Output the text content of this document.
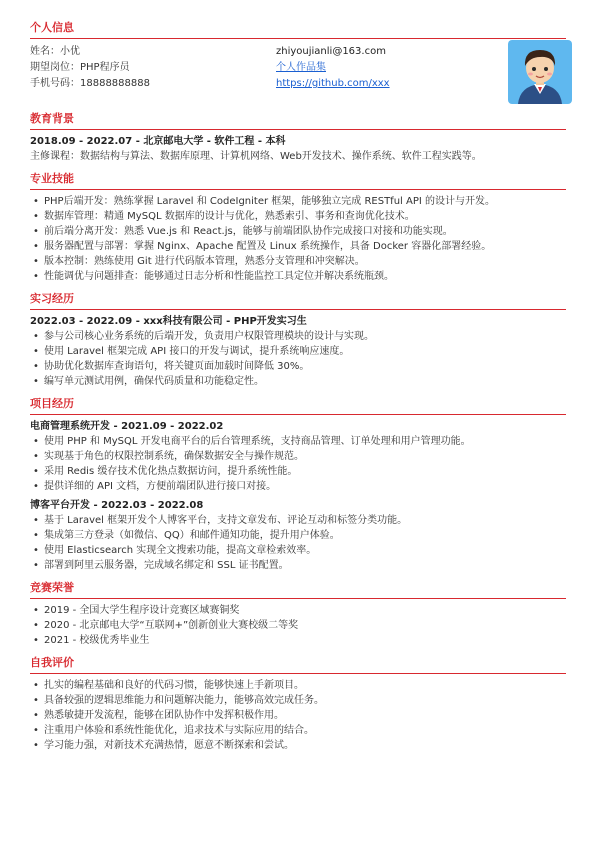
个人信息
姓名：小优
期望岗位：PHP程序员
手机号码：18888888888
zhiyoujianli@163.com
个人作品集
https://github.com/xxx
教育背景
2018.09 - 2022.07 - 北京邮电大学 - 软件工程 - 本科
主修课程：数据结构与算法、数据库原理、计算机网络、Web开发技术、操作系统、软件工程实践等。
专业技能
• PHP后端开发：熟练掌握 Laravel 和 CodeIgniter 框架，能够独立完成 RESTful API 的设计与开发。
• 数据库管理：精通 MySQL 数据库的设计与优化，熟悉索引、事务和查询优化技术。
• 前后端分离开发：熟悉 Vue.js 和 React.js，能够与前端团队协作完成接口对接和功能实现。
• 服务器配置与部署：掌握 Nginx、Apache 配置及 Linux 系统操作，具备 Docker 容器化部署经验。
• 版本控制：熟练使用 Git 进行代码版本管理，熟悉分支管理和冲突解决。
• 性能调优与问题排查：能够通过日志分析和性能监控工具定位并解决系统瓶颈。
实习经历
2022.03 - 2022.09 - xxx科技有限公司 - PHP开发实习生
• 参与公司核心业务系统的后端开发，负责用户权限管理模块的设计与实现。
• 使用 Laravel 框架完成 API 接口的开发与调试，提升系统响应速度。
• 协助优化数据库查询语句，将关键页面加载时间降低 30%。
• 编写单元测试用例，确保代码质量和功能稳定性。
项目经历
电商管理系统开发 - 2021.09 - 2022.02
• 使用 PHP 和 MySQL 开发电商平台的后台管理系统，支持商品管理、订单处理和用户管理功能。
• 实现基于角色的权限控制系统，确保数据安全与操作规范。
• 采用 Redis 缓存技术优化热点数据访问，提升系统性能。
• 提供详细的 API 文档，方便前端团队进行接口对接。
博客平台开发 - 2022.03 - 2022.08
• 基于 Laravel 框架开发个人博客平台，支持文章发布、评论互动和标签分类功能。
• 集成第三方登录（如微信、QQ）和邮件通知功能，提升用户体验。
• 使用 Elasticsearch 实现全文搜索功能，提高文章检索效率。
• 部署到阿里云服务器，完成域名绑定和 SSL 证书配置。
竞赛荣誉
• 2019 - 全国大学生程序设计竞赛区域赛铜奖
• 2020 - 北京邮电大学“互联网+”创新创业大赛校级二等奖
• 2021 - 校级优秀毕业生
自我评价
• 扎实的编程基础和良好的代码习惯，能够快速上手新项目。
• 具备较强的逻辑思维能力和问题解决能力，能够高效完成任务。
• 熟悉敏捷开发流程，能够在团队协作中发挥积极作用。
• 注重用户体验和系统性能优化，追求技术与实际应用的结合。
• 学习能力强，对新技术充满热情，愿意不断探索和尝试。
